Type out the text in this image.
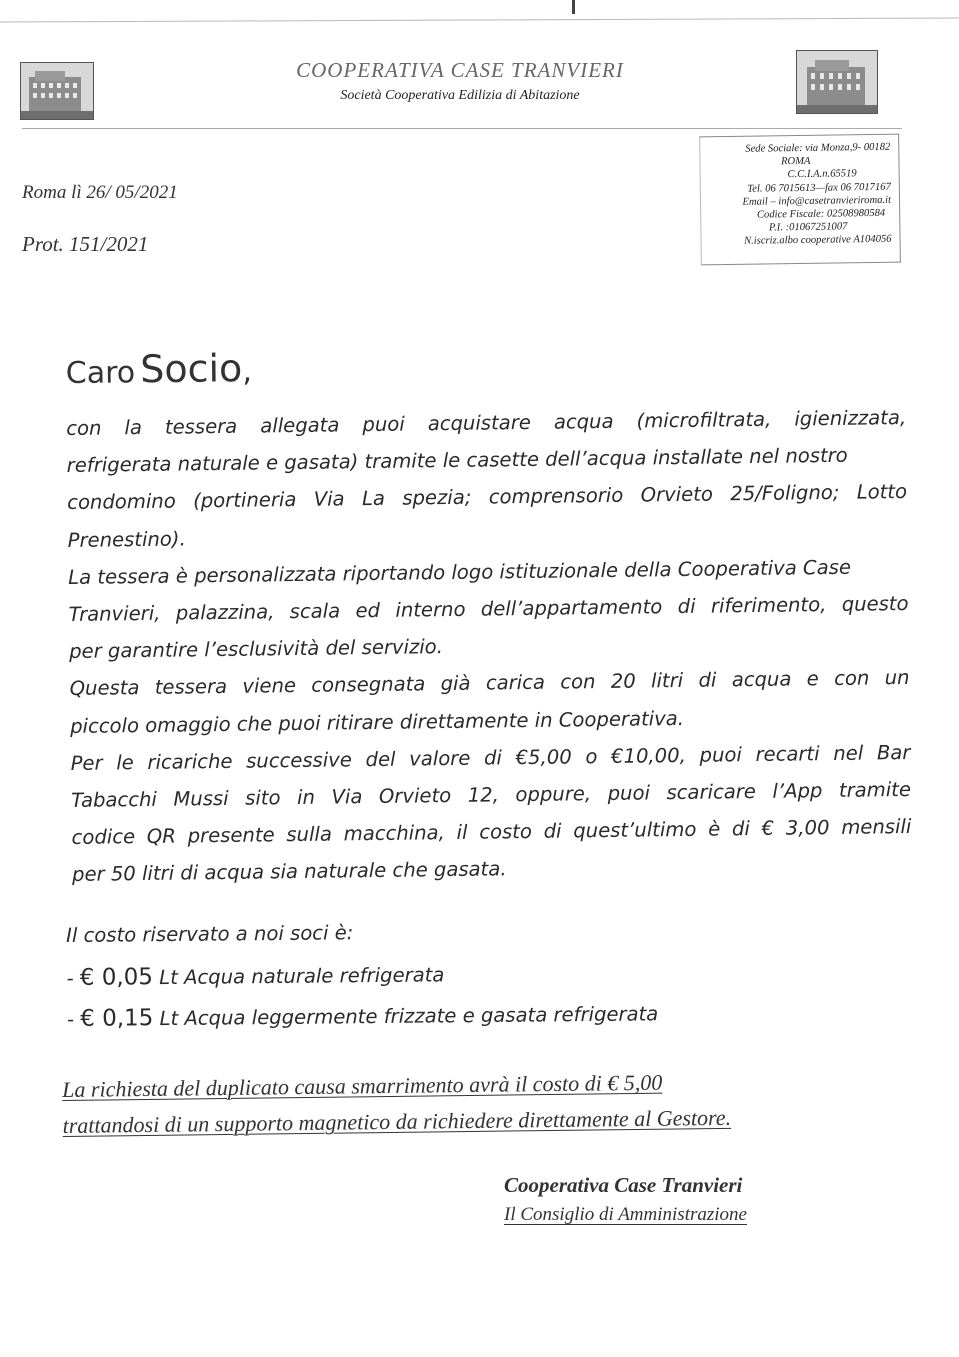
COOPERATIVA CASE TRANVIERI
Società Cooperativa Edilizia di Abitazione
Roma lì 26/ 05/2021
Prot. 151/2021
Sede Sociale: via Monza,9- 00182
ROMA
C.C.I.A.n.65519
Tel. 06 7015613—fax 06 7017167
Email – info@casetranvieriroma.it
Codice Fiscale: 02508980584
P.I. :01067251007
N.iscriz.albo cooperative A104056
Caro Socio,
con la tessera allegata puoi acquistare acqua (microfiltrata, igienizzata,
refrigerata naturale e gasata) tramite le casette dell’acqua installate nel nostro
condomino (portineria Via La spezia; comprensorio Orvieto 25/Foligno; Lotto
Prenestino).
La tessera è personalizzata riportando logo istituzionale della Cooperativa Case
Tranvieri, palazzina, scala ed interno dell’appartamento di riferimento, questo
per garantire l’esclusività del servizio.
Questa tessera viene consegnata già carica con 20 litri di acqua e con un
piccolo omaggio che puoi ritirare direttamente in Cooperativa.
Per le ricariche successive del valore di €5,00 o €10,00, puoi recarti nel Bar
Tabacchi Mussi sito in Via Orvieto 12, oppure, puoi scaricare l’App tramite
codice QR presente sulla macchina, il costo di quest’ultimo è di € 3,00 mensili
per 50 litri di acqua sia naturale che gasata.
Il costo riservato a noi soci è:
- € 0,05 Lt Acqua naturale refrigerata
- € 0,15 Lt Acqua leggermente frizzate e gasata refrigerata
La richiesta del duplicato causa smarrimento avrà il costo di € 5,00
trattandosi di un supporto magnetico da richiedere direttamente al Gestore.
Cooperativa Case Tranvieri
Il Consiglio di Amministrazione
